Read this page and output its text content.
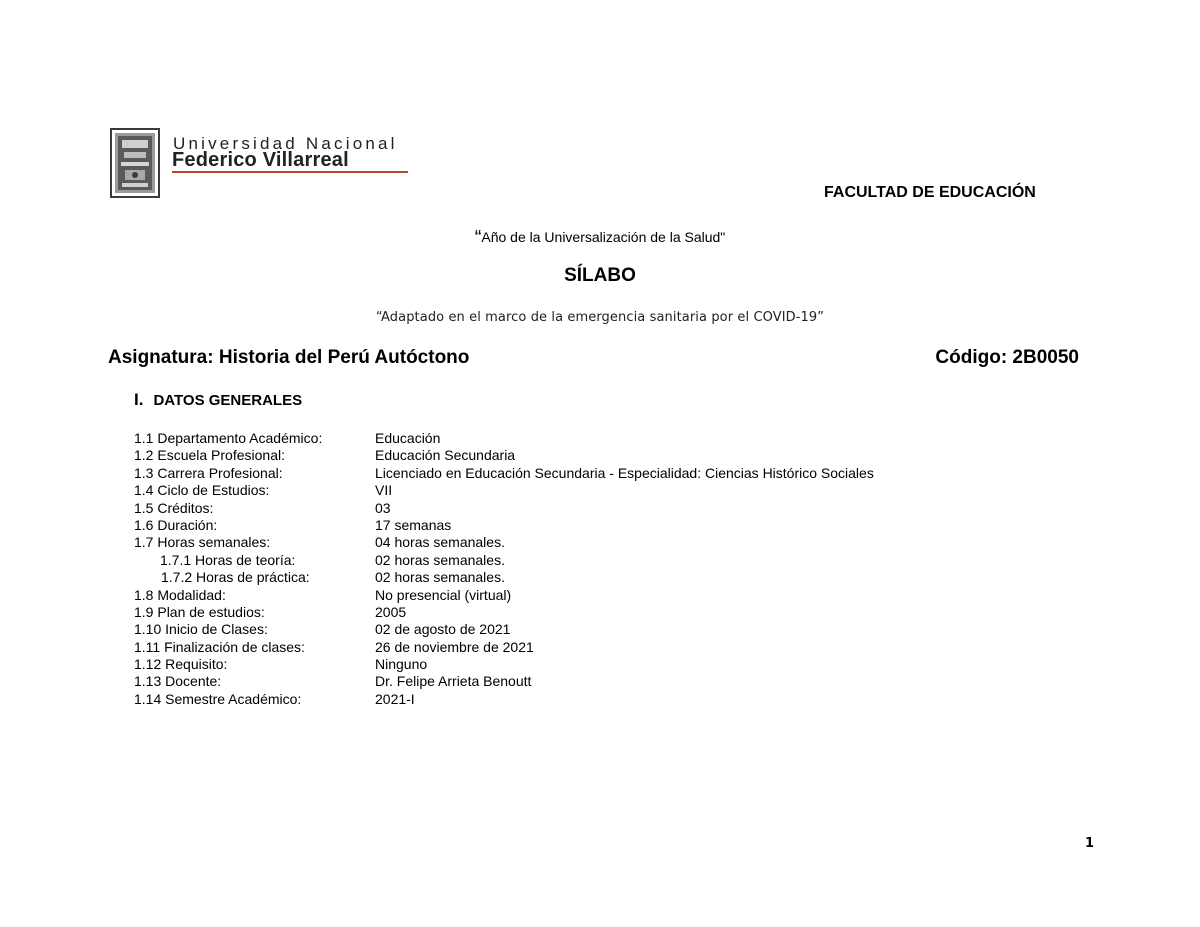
Universidad Nacional
Federico Villarreal
FACULTAD DE EDUCACIÓN
“Año de la Universalización de la Salud"
SÍLABO
“Adaptado en el marco de la emergencia sanitaria por el COVID-19”
Asignatura: Historia del Perú Autóctono	Código: 2B0050
I. DATOS GENERALES
1.1 Departamento Académico:	Educación
1.2 Escuela Profesional:	Educación Secundaria
1.3 Carrera Profesional:	Licenciado en Educación Secundaria - Especialidad: Ciencias Histórico Sociales
1.4 Ciclo de Estudios:	VII
1.5 Créditos:	03
1.6 Duración:	17 semanas
1.7 Horas semanales:	04 horas semanales.
1.7.1 Horas de teoría:	02 horas semanales.
1.7.2 Horas de práctica:	02 horas semanales.
1.8 Modalidad:	No presencial (virtual)
1.9 Plan de estudios:	2005
1.10 Inicio de Clases:	02 de agosto de 2021
1.11 Finalización de clases:	26 de noviembre de 2021
1.12 Requisito:	Ninguno
1.13 Docente:	Dr. Felipe Arrieta Benoutt
1.14 Semestre Académico:	2021-I
1
